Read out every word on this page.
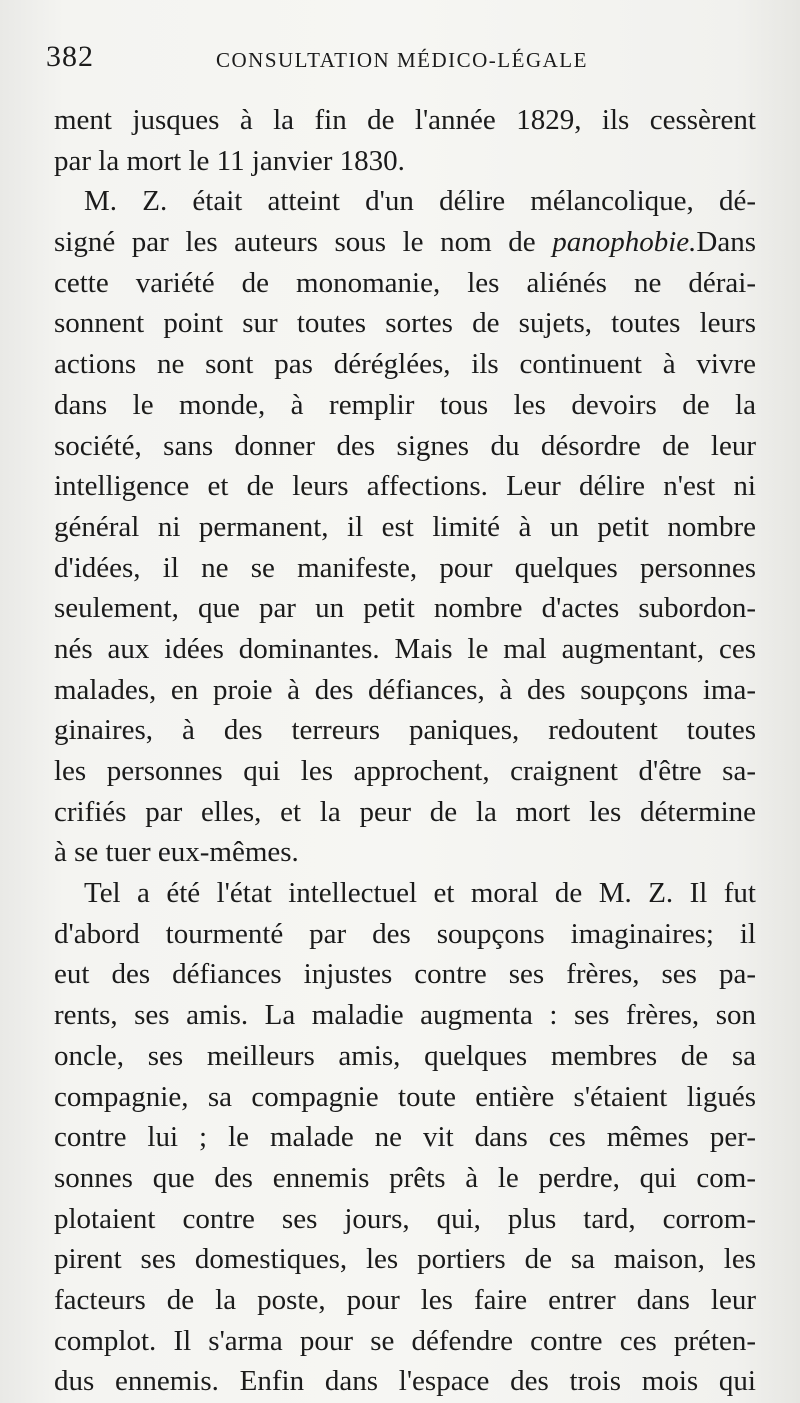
382	CONSULTATION MÉDICO-LÉGALE
ment jusques à la fin de l'année 1829, ils cessèrent
par la mort le 11 janvier 1830.
M. Z. était atteint d'un délire mélancolique, dé-
signé par les auteurs sous le nom de panophobie.Dans
cette variété de monomanie, les aliénés ne dérai-
sonnent point sur toutes sortes de sujets, toutes leurs
actions ne sont pas déréglées, ils continuent à vivre
dans le monde, à remplir tous les devoirs de la
société, sans donner des signes du désordre de leur
intelligence et de leurs affections. Leur délire n'est ni
général ni permanent, il est limité à un petit nombre
d'idées, il ne se manifeste, pour quelques personnes
seulement, que par un petit nombre d'actes subordon-
nés aux idées dominantes. Mais le mal augmentant, ces
malades, en proie à des défiances, à des soupçons ima-
ginaires, à des terreurs paniques, redoutent toutes
les personnes qui les approchent, craignent d'être sa-
crifiés par elles, et la peur de la mort les détermine
à se tuer eux-mêmes.
Tel a été l'état intellectuel et moral de M. Z. Il fut
d'abord tourmenté par des soupçons imaginaires; il
eut des défiances injustes contre ses frères, ses pa-
rents, ses amis. La maladie augmenta : ses frères, son
oncle, ses meilleurs amis, quelques membres de sa
compagnie, sa compagnie toute entière s'étaient ligués
contre lui ; le malade ne vit dans ces mêmes per-
sonnes que des ennemis prêts à le perdre, qui com-
plotaient contre ses jours, qui, plus tard, corrom-
pirent ses domestiques, les portiers de sa maison, les
facteurs de la poste, pour les faire entrer dans leur
complot. Il s'arma pour se défendre contre ces préten-
dus ennemis. Enfin dans l'espace des trois mois qui
